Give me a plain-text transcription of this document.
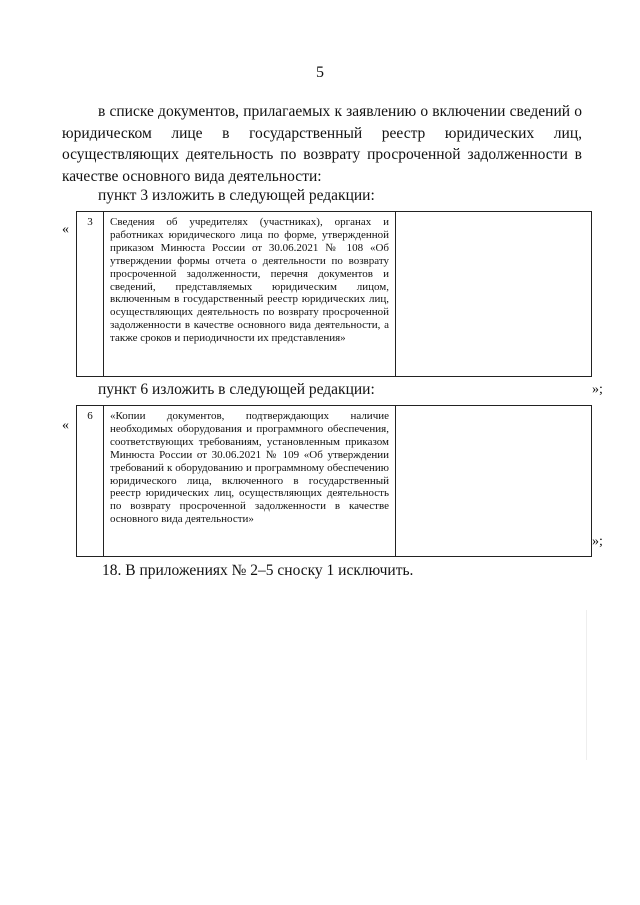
5
в списке документов, прилагаемых к заявлению о включении сведений о юридическом лице в государственный реестр юридических лиц, осуществляющих деятельность по возврату просроченной задолженности в качестве основного вида деятельности:
пункт 3 изложить в следующей редакции:
«	3	Сведения об учредителях (участниках), органах и работниках юридического лица по форме, утвержденной приказом Минюста России от 30.06.2021 № 108 «Об утверждении формы отчета о деятельности по возврату просроченной задолженности, перечня документов и сведений, представляемых юридическим лицом, включенным в государственный реестр юридических лиц, осуществляющих деятельность по возврату просроченной задолженности в качестве основного вида деятельности, а также сроков и периодичности их представления»
»;
пункт 6 изложить в следующей редакции:
«
6	«Копии документов, подтверждающих наличие необходимых оборудования и программного обеспечения, соответствующих требованиям, установленным приказом Минюста России от 30.06.2021 № 109 «Об утверждении требований к оборудованию и программному обеспечению юридического лица, включенного в государственный реестр юридических лиц, осуществляющих деятельность по возврату просроченной задолженности в качестве основного вида деятельности»
»;
18. В приложениях № 2–5 сноску 1 исключить.
